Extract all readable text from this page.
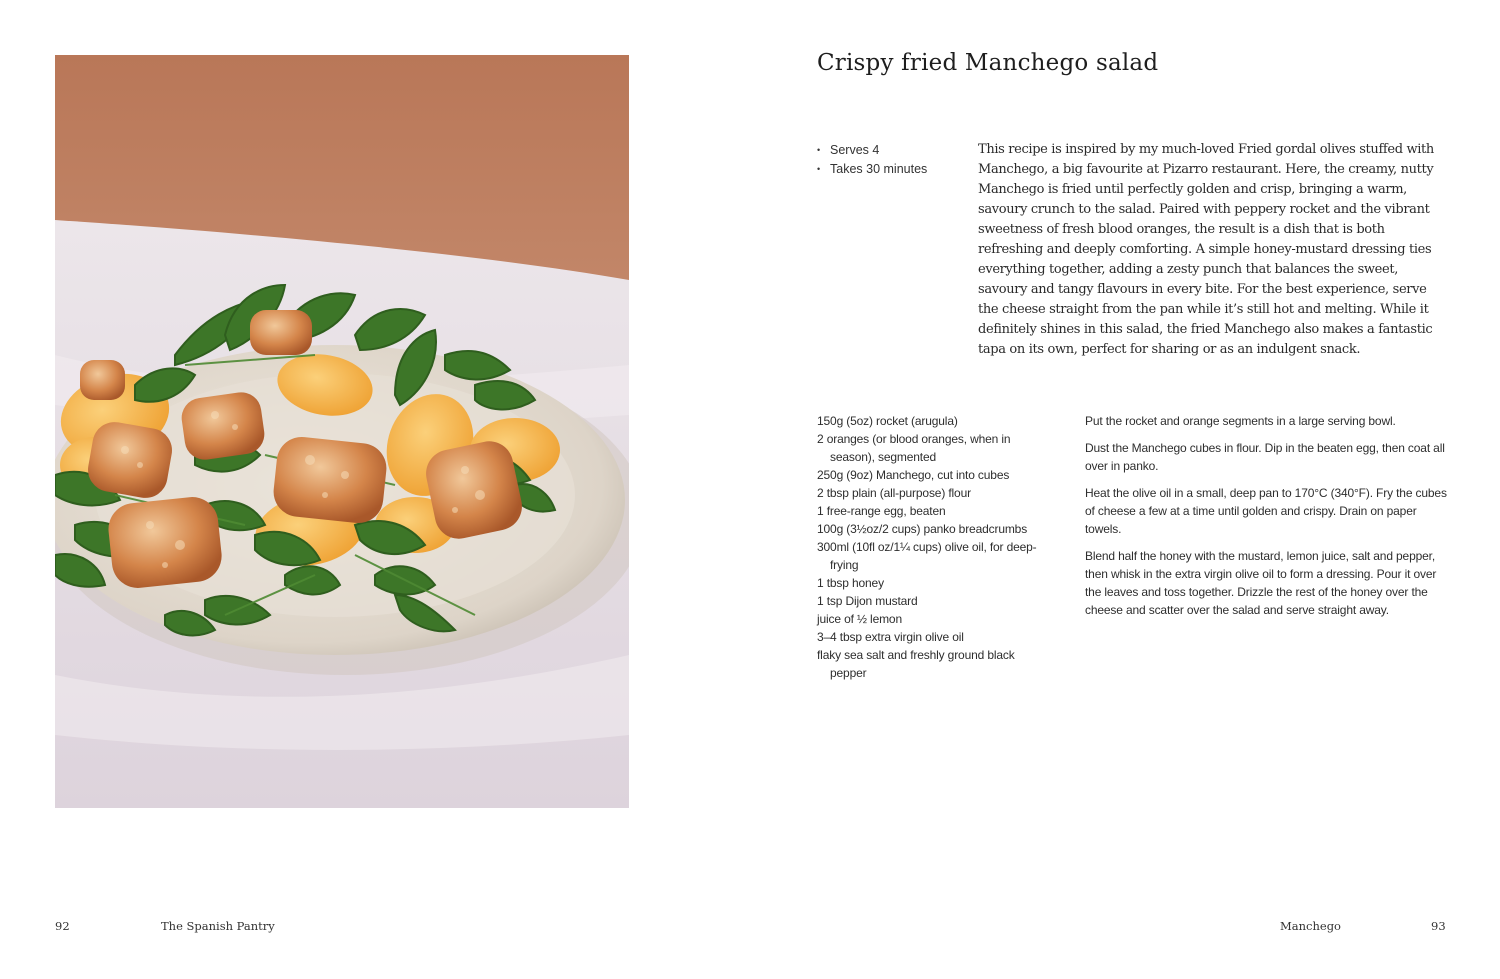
92	The Spanish Pantry
Crispy fried Manchego salad
• Serves 4
• Takes 30 minutes

This recipe is inspired by my much-loved Fried gordal olives stuffed with Manchego, a big favourite at Pizarro restaurant. Here, the creamy, nutty Manchego is fried until perfectly golden and crisp, bringing a warm, savoury crunch to the salad. Paired with peppery rocket and the vibrant sweetness of fresh blood oranges, the result is a dish that is both refreshing and deeply comforting. A simple honey-mustard dressing ties everything together, adding a zesty punch that balances the sweet, savoury and tangy flavours in every bite. For the best experience, serve the cheese straight from the pan while it’s still hot and melting. While it definitely shines in this salad, the fried Manchego also makes a fantastic tapa on its own, perfect for sharing or as an indulgent snack.

150g (5oz) rocket (arugula)
2 oranges (or blood oranges, when in season), segmented
250g (9oz) Manchego, cut into cubes
2 tbsp plain (all-purpose) flour
1 free-range egg, beaten
100g (3½oz/2 cups) panko breadcrumbs
300ml (10fl oz/1¼ cups) olive oil, for deep-frying
1 tbsp honey
1 tsp Dijon mustard
juice of ½ lemon
3–4 tbsp extra virgin olive oil
flaky sea salt and freshly ground black pepper

Put the rocket and orange segments in a large serving bowl.

Dust the Manchego cubes in flour. Dip in the beaten egg, then coat all over in panko.

Heat the olive oil in a small, deep pan to 170°C (340°F). Fry the cubes of cheese a few at a time until golden and crispy. Drain on paper towels.

Blend half the honey with the mustard, lemon juice, salt and pepper, then whisk in the extra virgin olive oil to form a dressing. Pour it over the leaves and toss together. Drizzle the rest of the honey over the cheese and scatter over the salad and serve straight away.

Manchego	93
